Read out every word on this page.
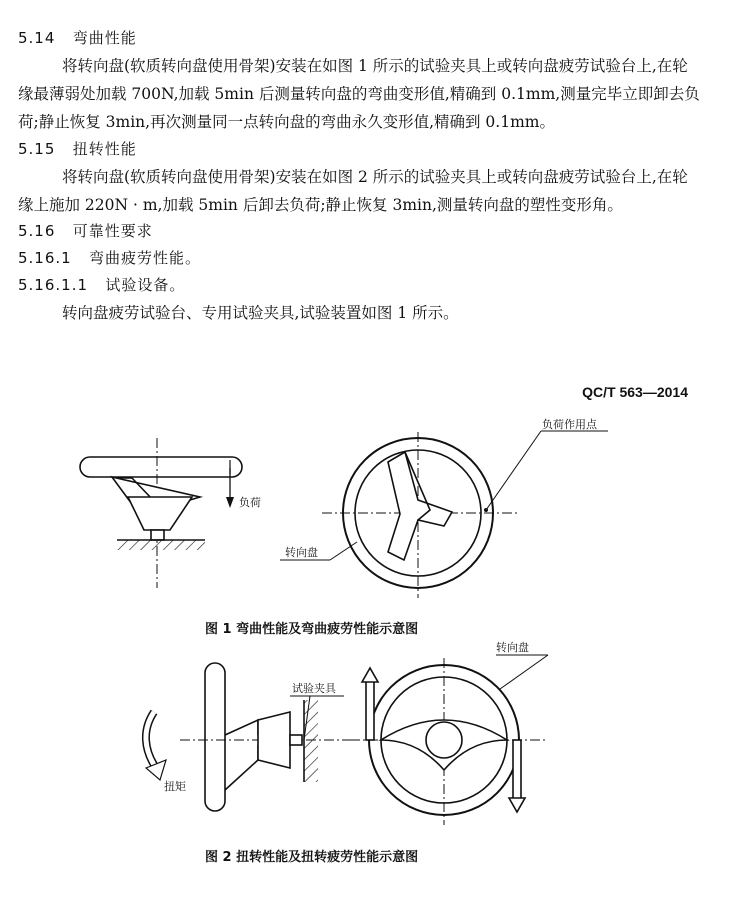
5.14 弯曲性能
将转向盘(软质转向盘使用骨架)安装在如图 1 所示的试验夹具上或转向盘疲劳试验台上,在轮
缘最薄弱处加载 700N,加载 5min 后测量转向盘的弯曲变形值,精确到 0.1mm,测量完毕立即卸去负
荷;静止恢复 3min,再次测量同一点转向盘的弯曲永久变形值,精确到 0.1mm。
5.15 扭转性能
将转向盘(软质转向盘使用骨架)安装在如图 2 所示的试验夹具上或转向盘疲劳试验台上,在轮
缘上施加 220N · m,加载 5min 后卸去负荷;静止恢复 3min,测量转向盘的塑性变形角。
5.16 可靠性要求
5.16.1 弯曲疲劳性能。
5.16.1.1 试验设备。
转向盘疲劳试验台、专用试验夹具,试验装置如图 1 所示。
QC/T 563—2014
负荷
负荷作用点
转向盘
试验夹具
扭矩
转向盘
图 1 弯曲性能及弯曲疲劳性能示意图
图 2 扭转性能及扭转疲劳性能示意图
